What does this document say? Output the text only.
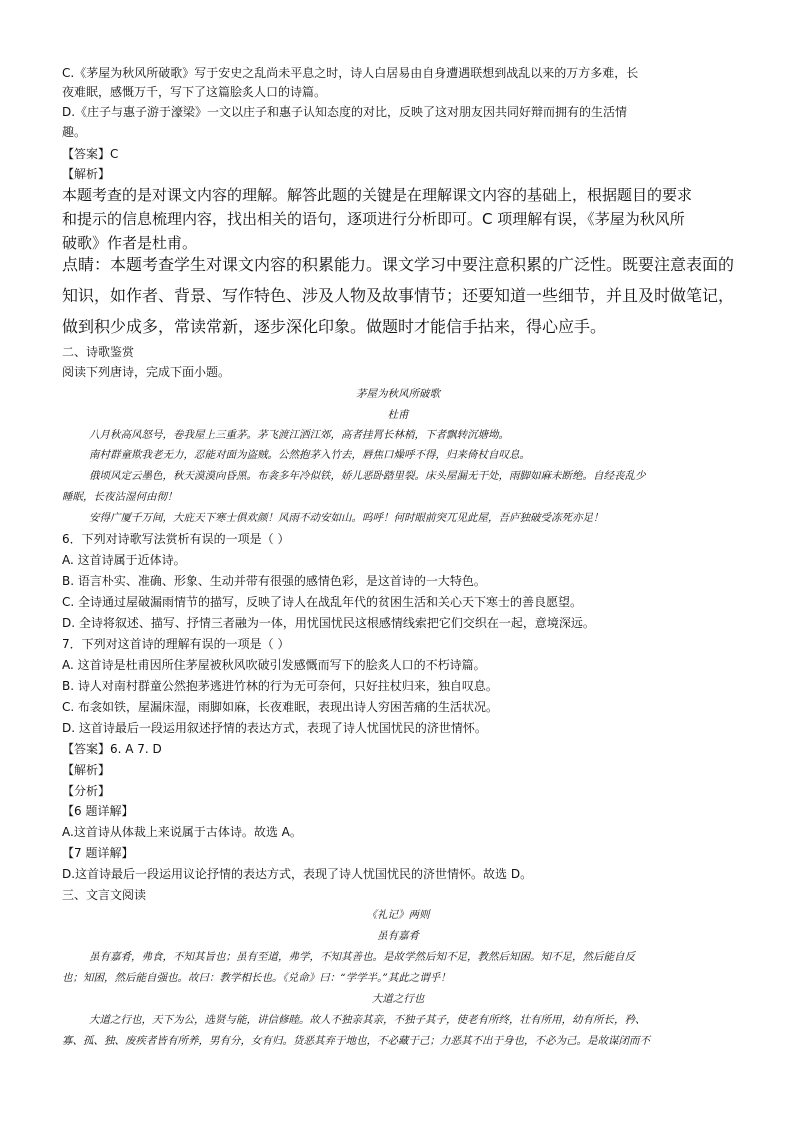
C.《茅屋为秋风所破歌》写于安史之乱尚未平息之时，诗人白居易由自身遭遇联想到战乱以来的万方多难，长
夜难眠，感慨万千，写下了这篇脍炙人口的诗篇。
D.《庄子与惠子游于濠梁》一文以庄子和惠子认知态度的对比，反映了这对朋友因共同好辩而拥有的生活情
趣。
【答案】C
【解析】
本题考查的是对课文内容的理解。解答此题的关键是在理解课文内容的基础上，根据题目的要求
和提示的信息梳理内容，找出相关的语句，逐项进行分析即可。C 项理解有误，《茅屋为秋风所
破歌》作者是杜甫。
点睛：本题考查学生对课文内容的积累能力。课文学习中要注意积累的广泛性。既要注意表面的
知识，如作者、背景、写作特色、涉及人物及故事情节；还要知道一些细节，并且及时做笔记，
做到积少成多，常读常新，逐步深化印象。做题时才能信手拈来，得心应手。
二、诗歌鉴赏
阅读下列唐诗，完成下面小题。
茅屋为秋风所破歌
杜甫
八月秋高风怒号，卷我屋上三重茅。茅飞渡江洒江郊，高者挂罥长林梢，下者飘转沉塘坳。
南村群童欺我老无力，忍能对面为盗贼。公然抱茅入竹去，唇焦口燥呼不得，归来倚杖自叹息。
俄顷风定云墨色，秋天漠漠向昏黑。布衾多年冷似铁，娇儿恶卧踏里裂。床头屋漏无干处，雨脚如麻未断绝。自经丧乱少
睡眠，长夜沾湿何由彻！
安得广厦千万间，大庇天下寒士俱欢颜！风雨不动安如山。呜呼！何时眼前突兀见此屋，吾庐独破受冻死亦足！
6．下列对诗歌写法赏析有误的一项是（ ）
A. 这首诗属于近体诗。
B. 语言朴实、准确、形象、生动并带有很强的感情色彩，是这首诗的一大特色。
C. 全诗通过屋破漏雨情节的描写，反映了诗人在战乱年代的贫困生活和关心天下寒士的善良愿望。
D. 全诗将叙述、描写、抒情三者融为一体，用忧国忧民这根感情线索把它们交织在一起，意境深远。
7．下列对这首诗的理解有误的一项是（ ）
A. 这首诗是杜甫因所住茅屋被秋风吹破引发感慨而写下的脍炙人口的不朽诗篇。
B. 诗人对南村群童公然抱茅逃进竹林的行为无可奈何，只好拄杖归来，独自叹息。
C. 布衾如铁，屋漏床湿，雨脚如麻，长夜难眠，表现出诗人穷困苦痛的生活状况。
D. 这首诗最后一段运用叙述抒情的表达方式，表现了诗人忧国忧民的济世情怀。
【答案】6. A 7. D
【解析】
【分析】
【6 题详解】
A.这首诗从体裁上来说属于古体诗。故选 A。
【7 题详解】
D.这首诗最后一段运用议论抒情的表达方式，表现了诗人忧国忧民的济世情怀。故选 D。
三、文言文阅读
《礼记》两则
虽有嘉肴
虽有嘉肴，弗食，不知其旨也；虽有至道，弗学，不知其善也。是故学然后知不足，教然后知困。知不足，然后能自反
也；知困，然后能自强也。故曰：教学相长也。《兑命》曰：“学学半。”其此之谓乎！
大道之行也
大道之行也，天下为公，选贤与能，讲信修睦。故人不独亲其亲，不独子其子，使老有所终，壮有所用，幼有所长，矜、
寡、孤、独、废疾者皆有所养，男有分，女有归。货恶其弃于地也，不必藏于己；力恶其不出于身也，不必为己。是故谋闭而不
